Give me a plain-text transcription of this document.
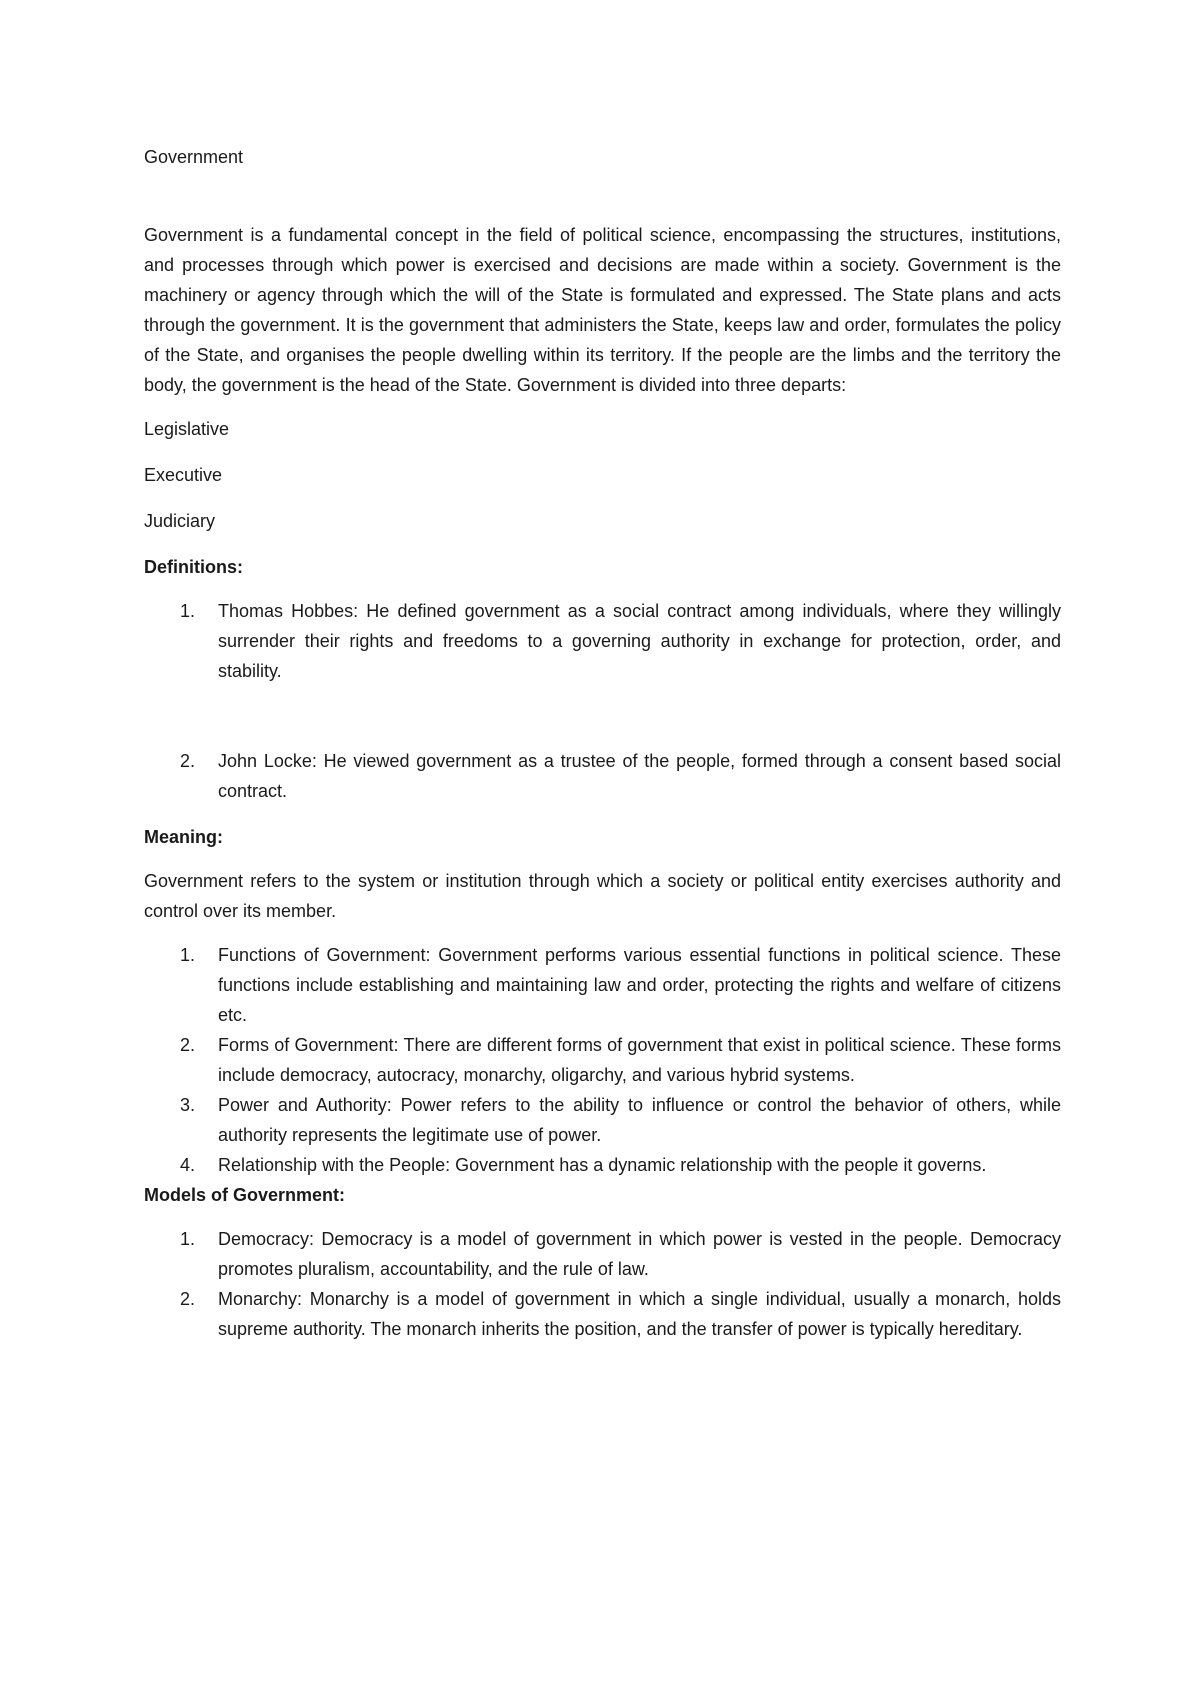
Government

Government is a fundamental concept in the field of political science, encompassing the structures, institutions, and processes through which power is exercised and decisions are made within a society. Government is the machinery or agency through which the will of the State is formulated and expressed. The State plans and acts through the government. It is the government that administers the State, keeps law and order, formulates the policy of the State, and organises the people dwelling within its territory. If the people are the limbs and the territory the body, the government is the head of the State. Government is divided into three departs:

Legislative
Executive
Judiciary
Definitions:
1. Thomas Hobbes: He defined government as a social contract among individuals, where they willingly surrender their rights and freedoms to a governing authority in exchange for protection, order, and stability.
2. John Locke: He viewed government as a trustee of the people, formed through a consent based social contract.
Meaning:

Government refers to the system or institution through which a society or political entity exercises authority and control over its member.

1. Functions of Government: Government performs various essential functions in political science. These functions include establishing and maintaining law and order, protecting the rights and welfare of citizens etc.
2. Forms of Government: There are different forms of government that exist in political science. These forms include democracy, autocracy, monarchy, oligarchy, and various hybrid systems.
3. Power and Authority: Power refers to the ability to influence or control the behavior of others, while authority represents the legitimate use of power.
4. Relationship with the People: Government has a dynamic relationship with the people it governs.
Models of Government:
1. Democracy: Democracy is a model of government in which power is vested in the people. Democracy promotes pluralism, accountability, and the rule of law.
2. Monarchy: Monarchy is a model of government in which a single individual, usually a monarch, holds supreme authority. The monarch inherits the position, and the transfer of power is typically hereditary.
